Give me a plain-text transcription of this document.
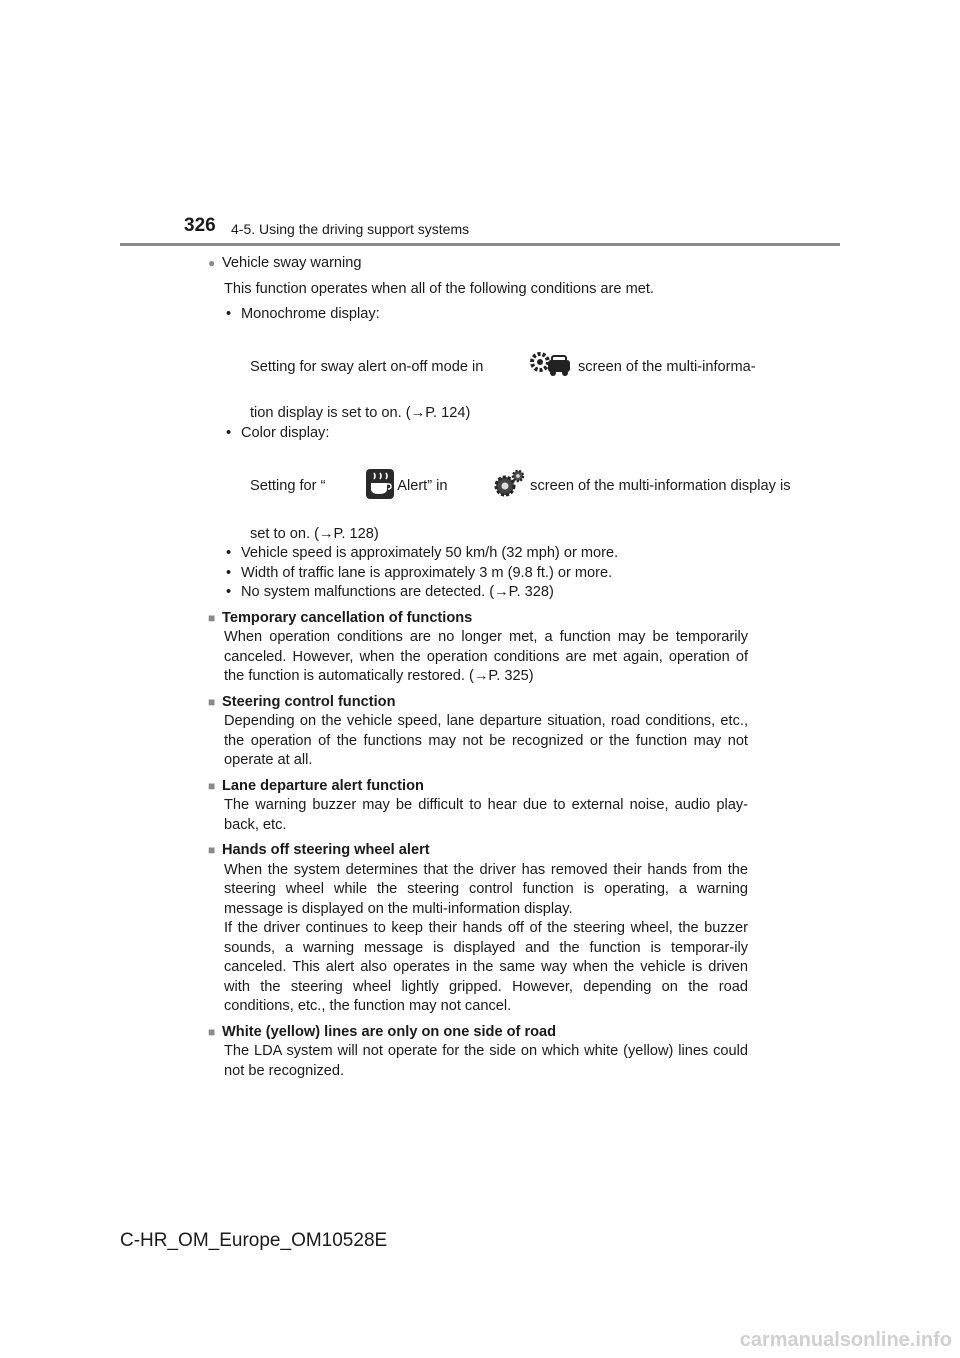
326 4-5. Using the driving support systems
● Vehicle sway warning

This function operates when all of the following conditions are met.

• Monochrome display:
Setting for sway alert on-off mode in

	screen of the multi-informa-
tion display is set to on. (→P. 124)
• Color display:
Setting for “

	Alert” in

	screen of the multi-information display is
set to on. (→P. 128)
• Vehicle speed is approximately 50 km/h (32 mph) or more.
• Width of traffic lane is approximately 3 m (9.8 ft.) or more.
• No system malfunctions are detected. (→P. 328)
■ Temporary cancellation of functions

When operation conditions are no longer met, a function may be temporarily canceled. However, when the operation conditions are met again, operation of the function is automatically restored. (→P. 325)

■ Steering control function

Depending on the vehicle speed, lane departure situation, road conditions, etc., the operation of the functions may not be recognized or the function may not operate at all.

■ Lane departure alert function

The warning buzzer may be difficult to hear due to external noise, audio play-back, etc.

■ Hands off steering wheel alert

When the system determines that the driver has removed their hands from the steering wheel while the steering control function is operating, a warning message is displayed on the multi-information display.

If the driver continues to keep their hands off of the steering wheel, the buzzer sounds, a warning message is displayed and the function is temporar-ily canceled. This alert also operates in the same way when the vehicle is driven with the steering wheel lightly gripped. However, depending on the road conditions, etc., the function may not cancel.

■ White (yellow) lines are only on one side of road

The LDA system will not operate for the side on which white (yellow) lines could not be recognized.

C-HR_OM_Europe_OM10528E
carmanualsonline.info
